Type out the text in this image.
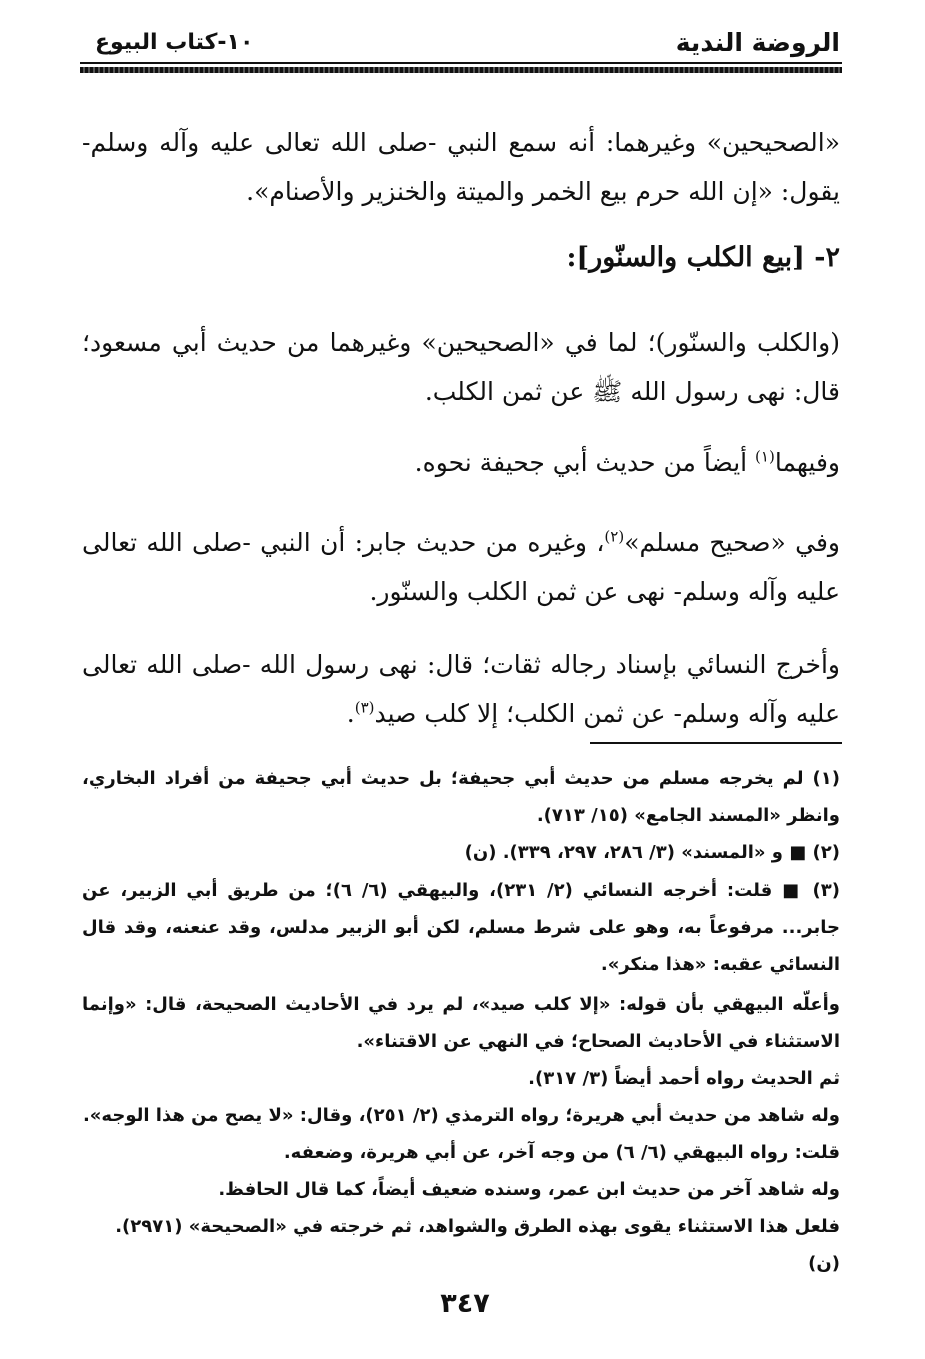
الروضة الندية
١٠-كتاب البيوع
«الصحيحين» وغيرهما: أنه سمع النبي -صلى الله تعالى عليه وآله وسلم- يقول: «إن الله حرم بيع الخمر والميتة والخنزير والأصنام».
٢- [بيع الكلب والسنّور]:
(والكلب والسنّور)؛ لما في «الصحيحين» وغيرهما من حديث أبي مسعود؛ قال: نهى رسول الله ﷺ عن ثمن الكلب.
وفيهما$^{(١)}$ أيضاً من حديث أبي جحيفة نحوه.
وفي «صحيح مسلم»$^{(٢)}$، وغيره من حديث جابر: أن النبي -صلى الله تعالى عليه وآله وسلم- نهى عن ثمن الكلب والسنّور.
وأخرج النسائي بإسناد رجاله ثقات؛ قال: نهى رسول الله -صلى الله تعالى عليه وآله وسلم- عن ثمن الكلب؛ إلا كلب صيد$^{(٣)}$.
(١) لم يخرجه مسلم من حديث أبي جحيفة؛ بل حديث أبي جحيفة من أفراد البخاري، وانظر «المسند الجامع» (١٥/ ٧١٣).
(٢) ■ و «المسند» (٣/ ٢٨٦، ٢٩٧، ٣٣٩). (ن)
(٣) ■ قلت: أخرجه النسائي (٢/ ٢٣١)، والبيهقي (٦/ ٦)؛ من طريق أبي الزبير، عن جابر... مرفوعاً به، وهو على شرط مسلم، لكن أبو الزبير مدلس، وقد عنعنه، وقد قال النسائي عقبه: «هذا منكر».
وأعلّه البيهقي بأن قوله: «إلا كلب صيد»، لم يرد في الأحاديث الصحيحة، قال: «وإنما الاستثناء في الأحاديث الصحاح؛ في النهي عن الاقتناء».
ثم الحديث رواه أحمد أيضاً (٣/ ٣١٧).
وله شاهد من حديث أبي هريرة؛ رواه الترمذي (٢/ ٢٥١)، وقال: «لا يصح من هذا الوجه».
قلت: رواه البيهقي (٦/ ٦) من وجه آخر، عن أبي هريرة، وضعفه.
وله شاهد آخر من حديث ابن عمر، وسنده ضعيف أيضاً، كما قال الحافظ.
فلعل هذا الاستثناء يقوى بهذه الطرق والشواهد، ثم خرجته في «الصحيحة» (٢٩٧١). (ن)
٣٤٧
